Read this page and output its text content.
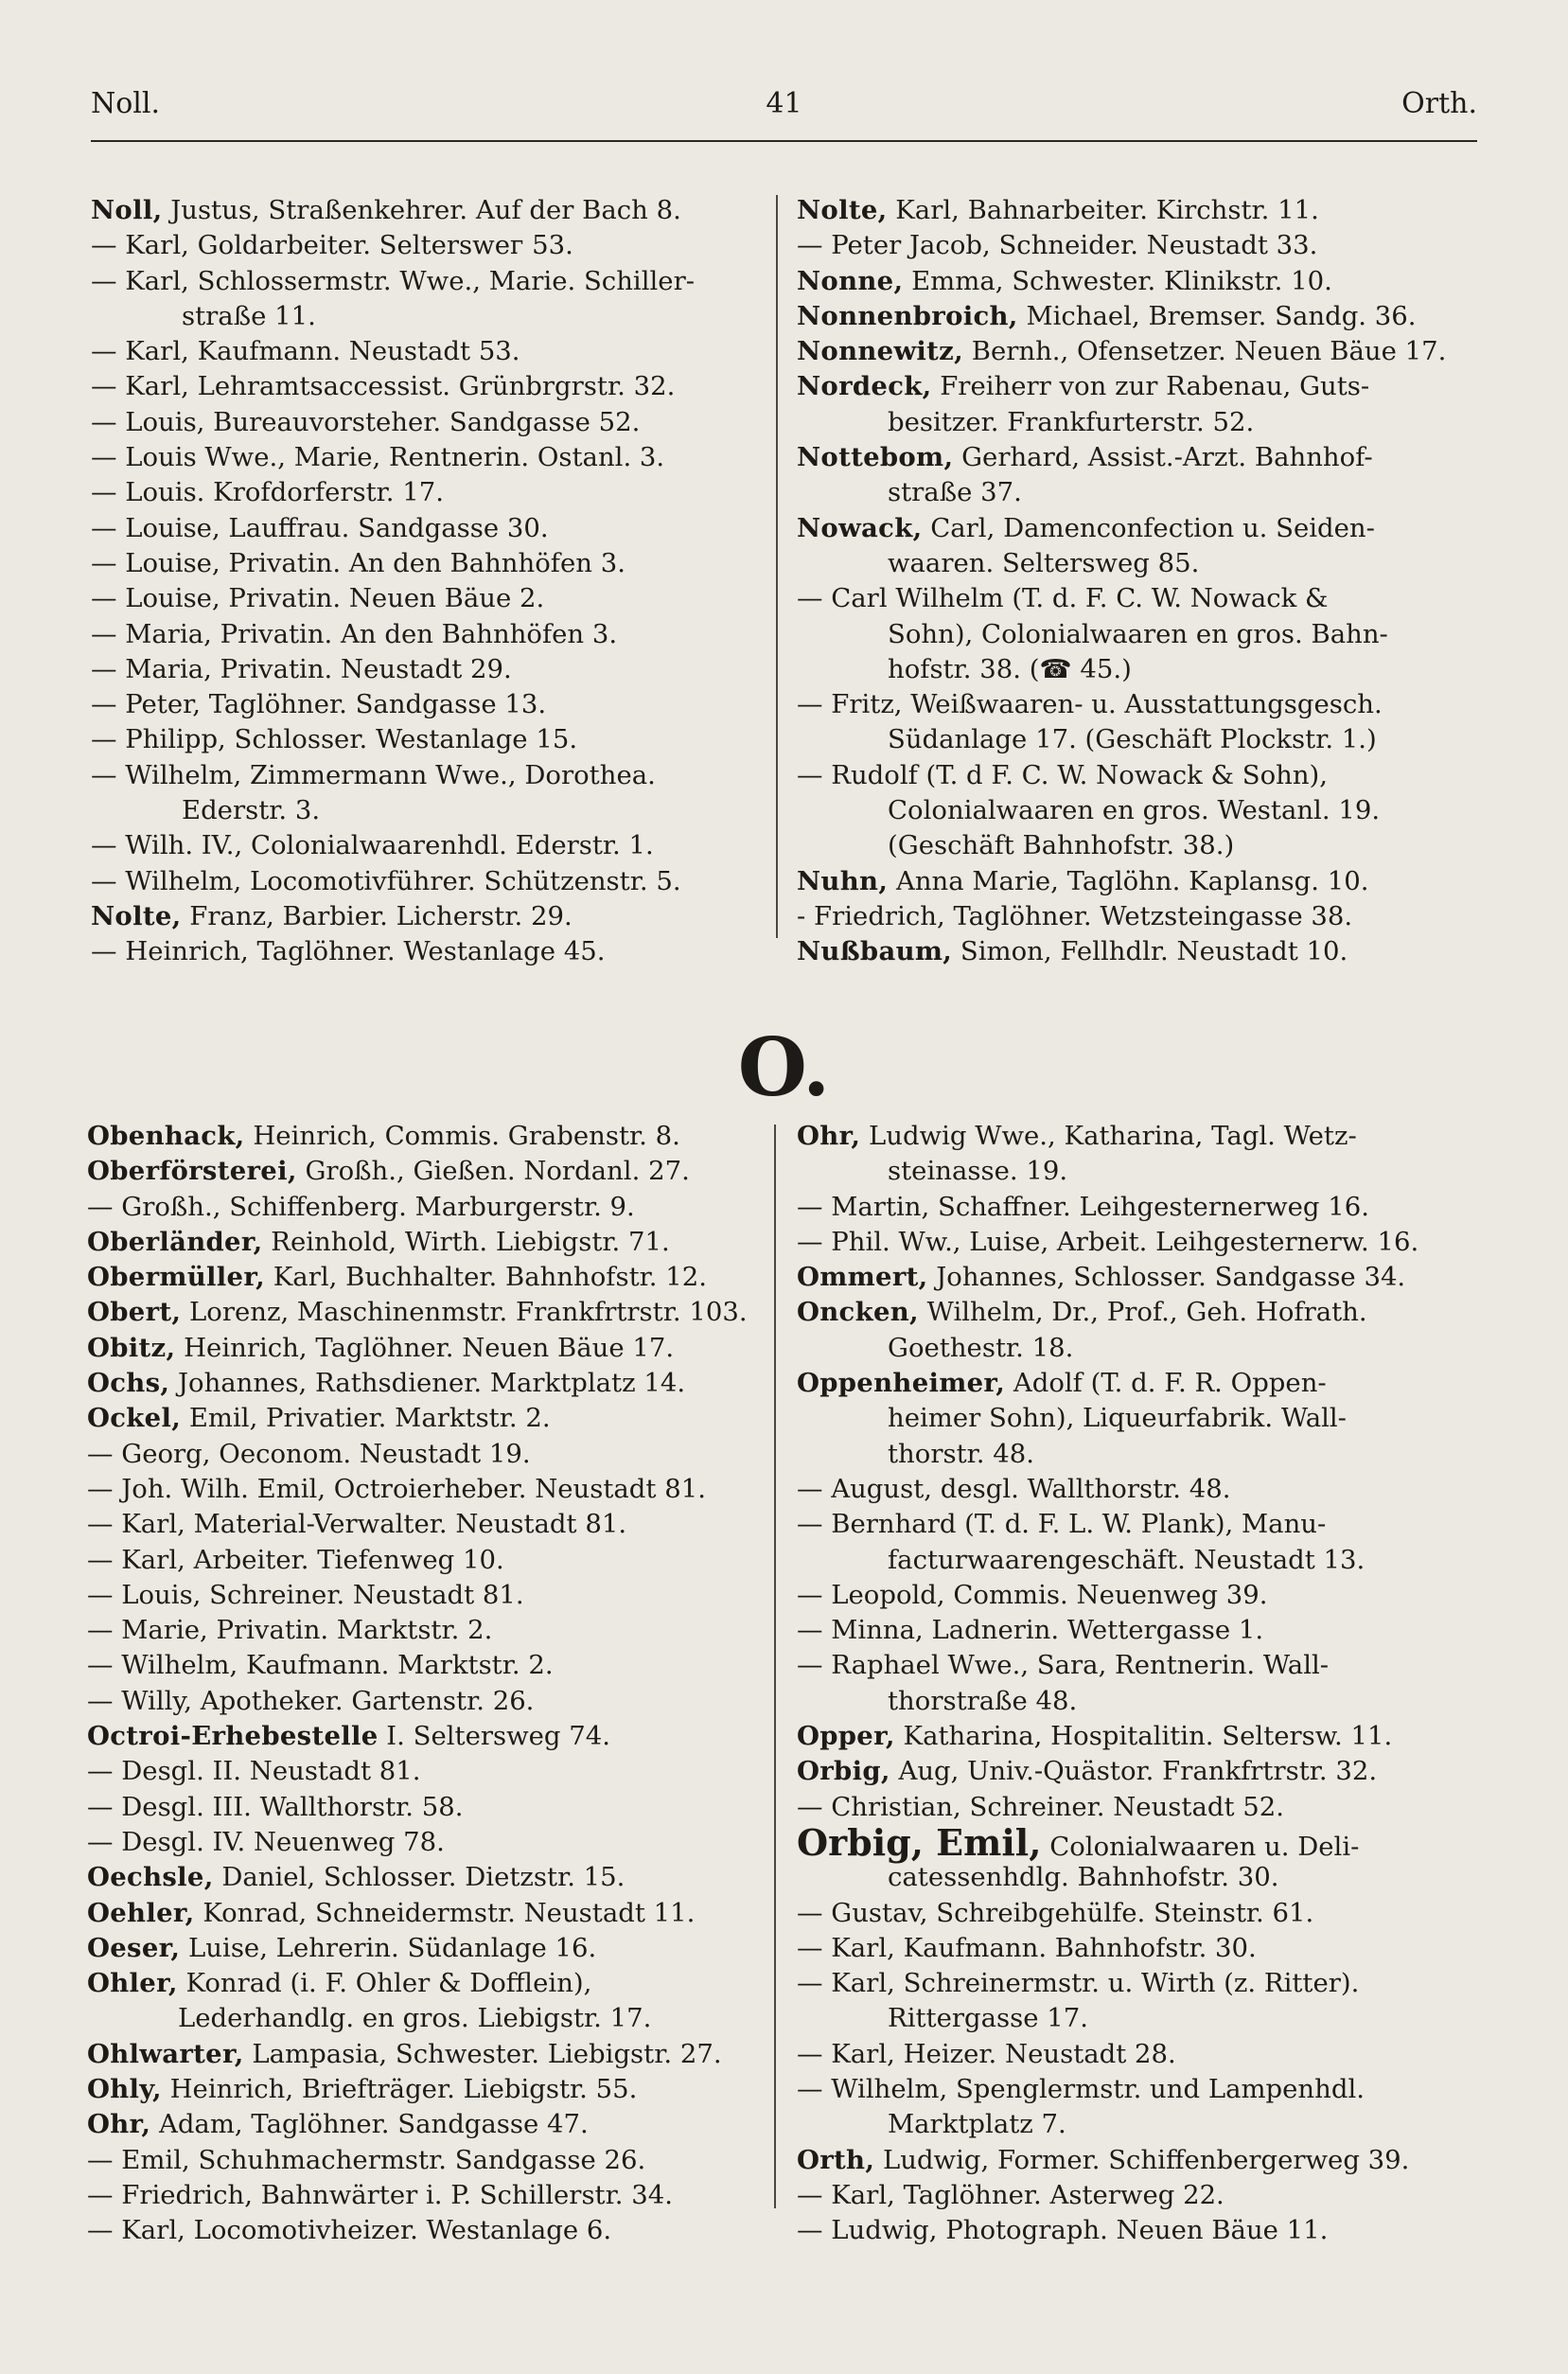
Noll.	41	Orth.
Noll, Justus, Straßenkehrer. Auf der Bach 8.
— Karl, Goldarbeiter. Selterswег 53.
— Karl, Schlossermstr. Wwe., Marie. Schiller-
straße 11.
— Karl, Kaufmann. Neustadt 53.
— Karl, Lehramtsaccessist. Grünbrgrstr. 32.
— Louis, Bureauvorsteher. Sandgasse 52.
— Louis Wwe., Marie, Rentnerin. Ostanl. 3.
— Louis. Krofdorferstr. 17.
— Louise, Lauffrau. Sandgasse 30.
— Louise, Privatin. An den Bahnhöfen 3.
— Louise, Privatin. Neuen Bäue 2.
— Maria, Privatin. An den Bahnhöfen 3.
— Maria, Privatin. Neustadt 29.
— Peter, Taglöhner. Sandgasse 13.
— Philipp, Schlosser. Westanlage 15.
— Wilhelm, Zimmermann Wwe., Dorothea.
Ederstr. 3.
— Wilh. IV., Colonialwaarenhdl. Ederstr. 1.
— Wilhelm, Locomotivführer. Schützenstr. 5.
Nolte, Franz, Barbier. Licherstr. 29.
— Heinrich, Taglöhner. Westanlage 45.
Nolte, Karl, Bahnarbeiter. Kirchstr. 11.
— Peter Jacob, Schneider. Neustadt 33.
Nonne, Emma, Schwester. Klinikstr. 10.
Nonnenbroich, Michael, Bremser. Sandg. 36.
Nonnewitz, Bernh., Ofensetzer. Neuen Bäue 17.
Nordeck, Freiherr von zur Rabenau, Guts-
besitzer. Frankfurterstr. 52.
Nottebom, Gerhard, Assist.-Arzt. Bahnhof-
straße 37.
Nowack, Carl, Damenconfection u. Seiden-
waaren. Seltersweg 85.
— Carl Wilhelm (T. d. F. C. W. Nowack &
Sohn), Colonialwaaren en gros. Bahn-
hofstr. 38. (☎ 45.)
— Fritz, Weißwaaren- u. Ausstattungsgesch.
Südanlage 17. (Geschäft Plockstr. 1.)
— Rudolf (T. d F. C. W. Nowack & Sohn),
Colonialwaaren en gros. Westanl. 19.
(Geschäft Bahnhofstr. 38.)
Nuhn, Anna Marie, Taglöhn. Kaplansg. 10.
- Friedrich, Taglöhner. Wetzsteingasse 38.
Nußbaum, Simon, Fellhdlr. Neustadt 10.
O.
Obenhack, Heinrich, Commis. Grabenstr. 8.
Oberförsterei, Großh., Gießen. Nordanl. 27.
— Großh., Schiffenberg. Marburgerstr. 9.
Oberländer, Reinhold, Wirth. Liebigstr. 71.
Obermüller, Karl, Buchhalter. Bahnhofstr. 12.
Obert, Lorenz, Maschinenmstr. Frankfrtrstr. 103.
Obitz, Heinrich, Taglöhner. Neuen Bäue 17.
Ochs, Johannes, Rathsdiener. Marktplatz 14.
Ockel, Emil, Privatier. Marktstr. 2.
— Georg, Oeconom. Neustadt 19.
— Joh. Wilh. Emil, Octroierheber. Neustadt 81.
— Karl, Material-Verwalter. Neustadt 81.
— Karl, Arbeiter. Tiefenweg 10.
— Louis, Schreiner. Neustadt 81.
— Marie, Privatin. Marktstr. 2.
— Wilhelm, Kaufmann. Marktstr. 2.
— Willy, Apotheker. Gartenstr. 26.
Octroi-Erhebestelle I. Seltersweg 74.
— Desgl. II. Neustadt 81.
— Desgl. III. Wallthorstr. 58.
— Desgl. IV. Neuenweg 78.
Oechsle, Daniel, Schlosser. Dietzstr. 15.
Oehler, Konrad, Schneidermstr. Neustadt 11.
Oeser, Luise, Lehrerin. Südanlage 16.
Ohler, Konrad (i. F. Ohler & Dofflein),
Lederhandlg. en gros. Liebigstr. 17.
Ohlwarter, Lampasia, Schwester. Liebigstr. 27.
Ohly, Heinrich, Briefträger. Liebigstr. 55.
Ohr, Adam, Taglöhner. Sandgasse 47.
— Emil, Schuhmachermstr. Sandgasse 26.
— Friedrich, Bahnwärter i. P. Schillerstr. 34.
— Karl, Locomotivheizer. Westanlage 6.
Ohr, Ludwig Wwe., Katharina, Tagl. Wetz-
steinasse. 19.
— Martin, Schaffner. Leihgesternerweg 16.
— Phil. Ww., Luise, Arbeit. Leihgesternerw. 16.
Ommert, Johannes, Schlosser. Sandgasse 34.
Oncken, Wilhelm, Dr., Prof., Geh. Hofrath.
Goethestr. 18.
Oppenheimer, Adolf (T. d. F. R. Oppen-
heimer Sohn), Liqueurfabrik. Wall-
thorstr. 48.
— August, desgl. Wallthorstr. 48.
— Bernhard (T. d. F. L. W. Plank), Manu-
facturwaarengeschäft. Neustadt 13.
— Leopold, Commis. Neuenweg 39.
— Minna, Ladnerin. Wettergasse 1.
— Raphael Wwe., Sara, Rentnerin. Wall-
thorstraße 48.
Opper, Katharina, Hospitalitin. Seltersw. 11.
Orbig, Aug, Univ.-Quästor. Frankfrtrstr. 32.
— Christian, Schreiner. Neustadt 52.
Orbig, Emil, Colonialwaaren u. Deli-
catessenhdlg. Bahnhofstr. 30.
— Gustav, Schreibgehülfe. Steinstr. 61.
— Karl, Kaufmann. Bahnhofstr. 30.
— Karl, Schreinermstr. u. Wirth (z. Ritter).
Rittergasse 17.
— Karl, Heizer. Neustadt 28.
— Wilhelm, Spenglermstr. und Lampenhdl.
Marktplatz 7.
Orth, Ludwig, Former. Schiffenbergerweg 39.
— Karl, Taglöhner. Asterweg 22.
— Ludwig, Photograph. Neuen Bäue 11.
